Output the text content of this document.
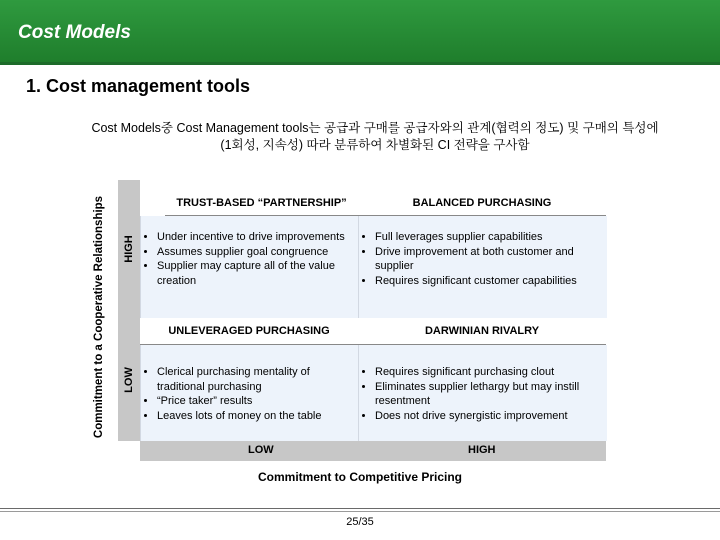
Cost Models
1. Cost management tools
Cost Models중 Cost Management tools는 공급과 구매를 공급자와의 관계(협력의 정도) 및 구매의 특성에
(1회성, 지속성) 따라 분류하여 차별화된 CI 전략을 구사함
Commitment to a Cooperative Relationships HIGH
LOW
TRUST-BASED “PARTNERSHIP”
• Under incentive to drive improvements
• Assumes supplier goal congruence
• Supplier may capture all of the value creation
BALANCED PURCHASING
• Full leverages supplier capabilities
• Drive improvement at both customer and supplier
• Requires significant customer capabilities
UNLEVERAGED PURCHASING
• Clerical purchasing mentality of traditional purchasing
• “Price taker” results
• Leaves lots of money on the table
DARWINIAN RIVALRY
• Requires significant purchasing clout
• Eliminates supplier lethargy but may instill resentment
• Does not drive synergistic improvement
LOW	HIGH
Commitment to Competitive Pricing
25/35
